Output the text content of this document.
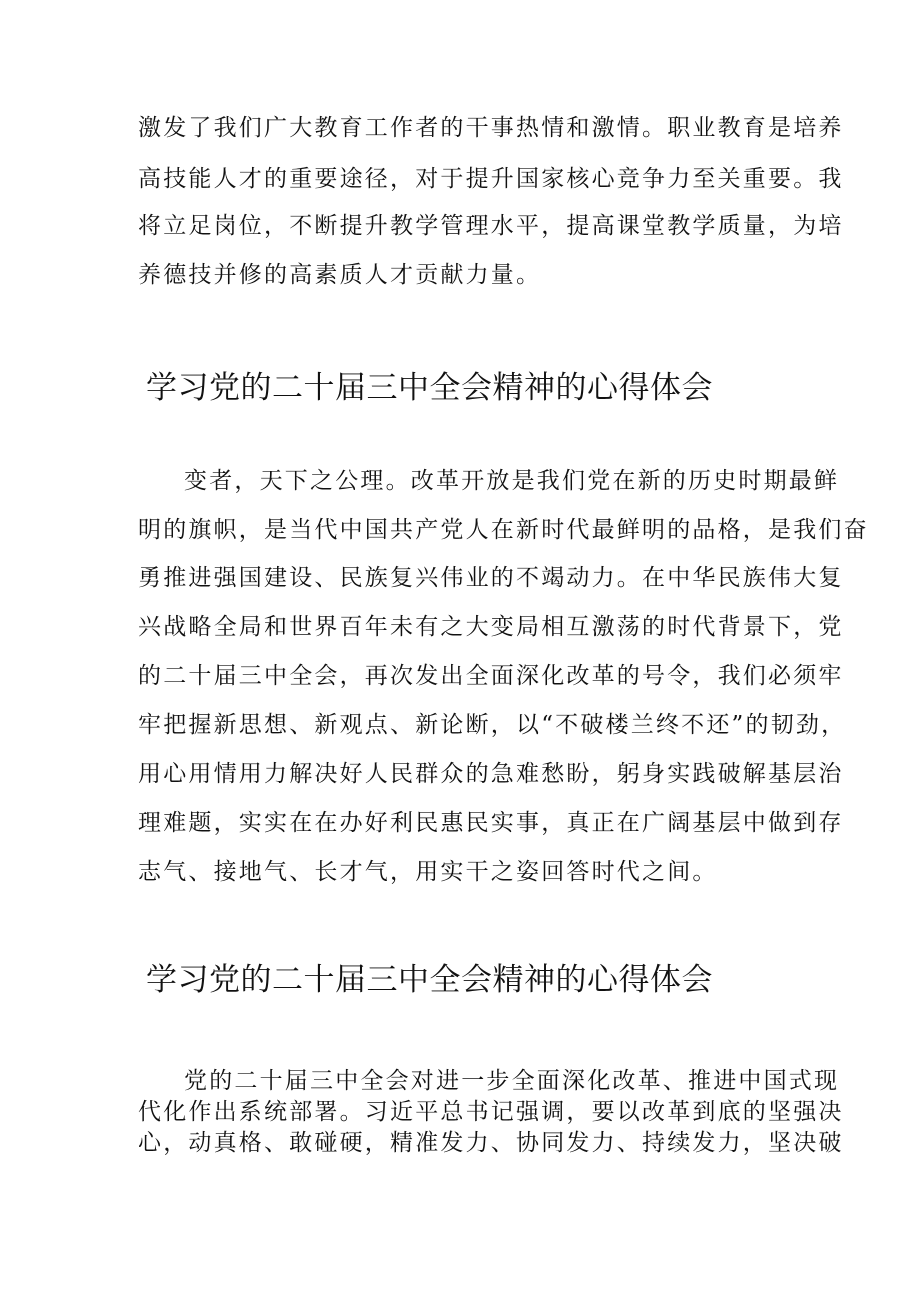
激发了我们广大教育工作者的干事热情和激情。职业教育是培养

高技能人才的重要途径，对于提升国家核心竞争力至关重要。我

将立足岗位，不断提升教学管理水平，提高课堂教学质量，为培

养德技并修的高素质人才贡献力量。

学习党的二十届三中全会精神的心得体会

变者，天下之公理。改革开放是我们党在新的历史时期最鲜

明的旗帜，是当代中国共产党人在新时代最鲜明的品格，是我们奋

勇推进强国建设、民族复兴伟业的不竭动力。在中华民族伟大复

兴战略全局和世界百年未有之大变局相互激荡的时代背景下，党

的二十届三中全会，再次发出全面深化改革的号令，我们必须牢

牢把握新思想、新观点、新论断，以“不破楼兰终不还”的韧劲，

用心用情用力解决好人民群众的急难愁盼，躬身实践破解基层治

理难题，实实在在办好利民惠民实事，真正在广阔基层中做到存

志气、接地气、长才气，用实干之姿回答时代之间。

学习党的二十届三中全会精神的心得体会

党的二十届三中全会对进一步全面深化改革、推进中国式现

代化作出系统部署。习近平总书记强调，要以改革到底的坚强决

心，动真格、敢碰硬，精准发力、协同发力、持续发力，坚决破
